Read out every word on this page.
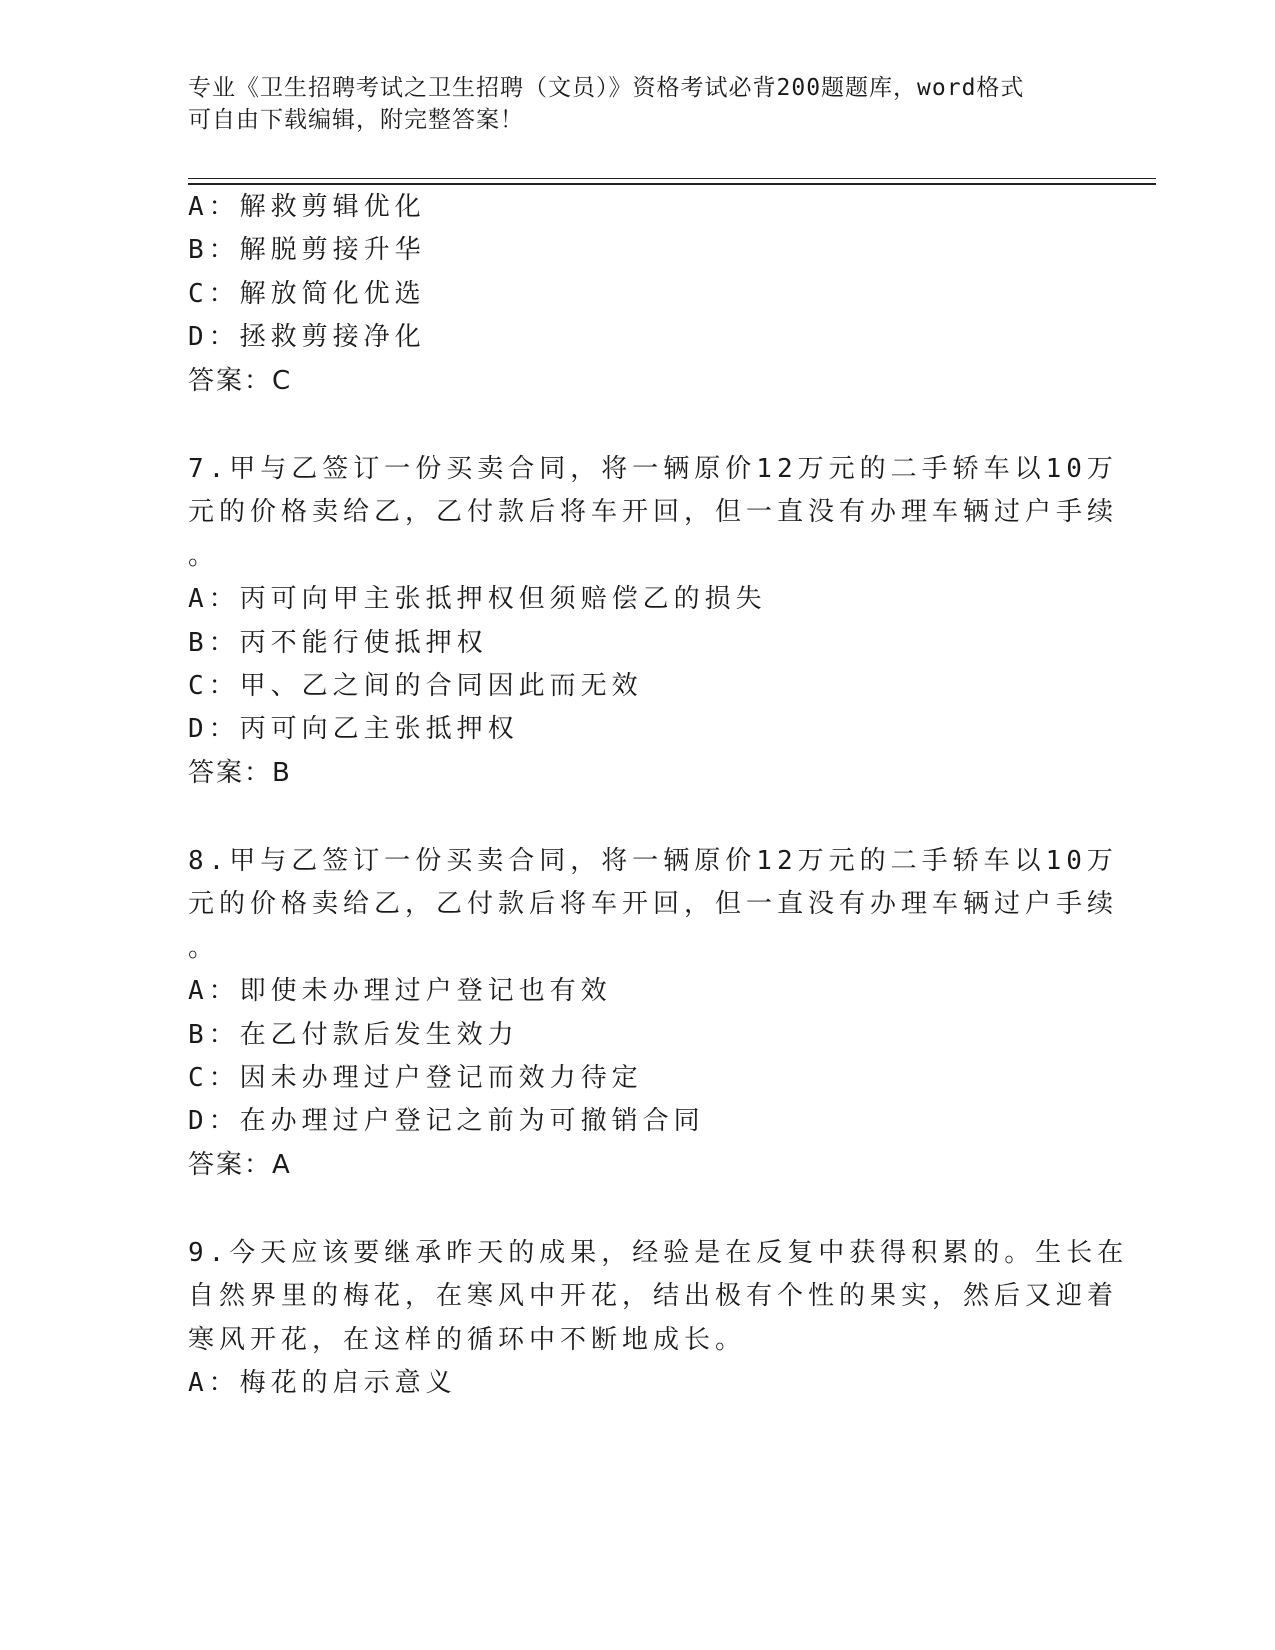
专业《卫生招聘考试之卫生招聘（文员）》资格考试必背200题题库，word格式
可自由下载编辑，附完整答案！
A：解救剪辑优化
B：解脱剪接升华
C：解放简化优选
D：拯救剪接净化
答案：C
7.甲与乙签订一份买卖合同，将一辆原价12万元的二手轿车以10万
元的价格卖给乙，乙付款后将车开回，但一直没有办理车辆过户手续
。
A：丙可向甲主张抵押权但须赔偿乙的损失
B：丙不能行使抵押权
C：甲、乙之间的合同因此而无效
D：丙可向乙主张抵押权
答案：B
8.甲与乙签订一份买卖合同，将一辆原价12万元的二手轿车以10万
元的价格卖给乙，乙付款后将车开回，但一直没有办理车辆过户手续
。
A：即使未办理过户登记也有效
B：在乙付款后发生效力
C：因未办理过户登记而效力待定
D：在办理过户登记之前为可撤销合同
答案：A
9.今天应该要继承昨天的成果，经验是在反复中获得积累的。生长在
自然界里的梅花，在寒风中开花，结出极有个性的果实，然后又迎着
寒风开花，在这样的循环中不断地成长。
A：梅花的启示意义
